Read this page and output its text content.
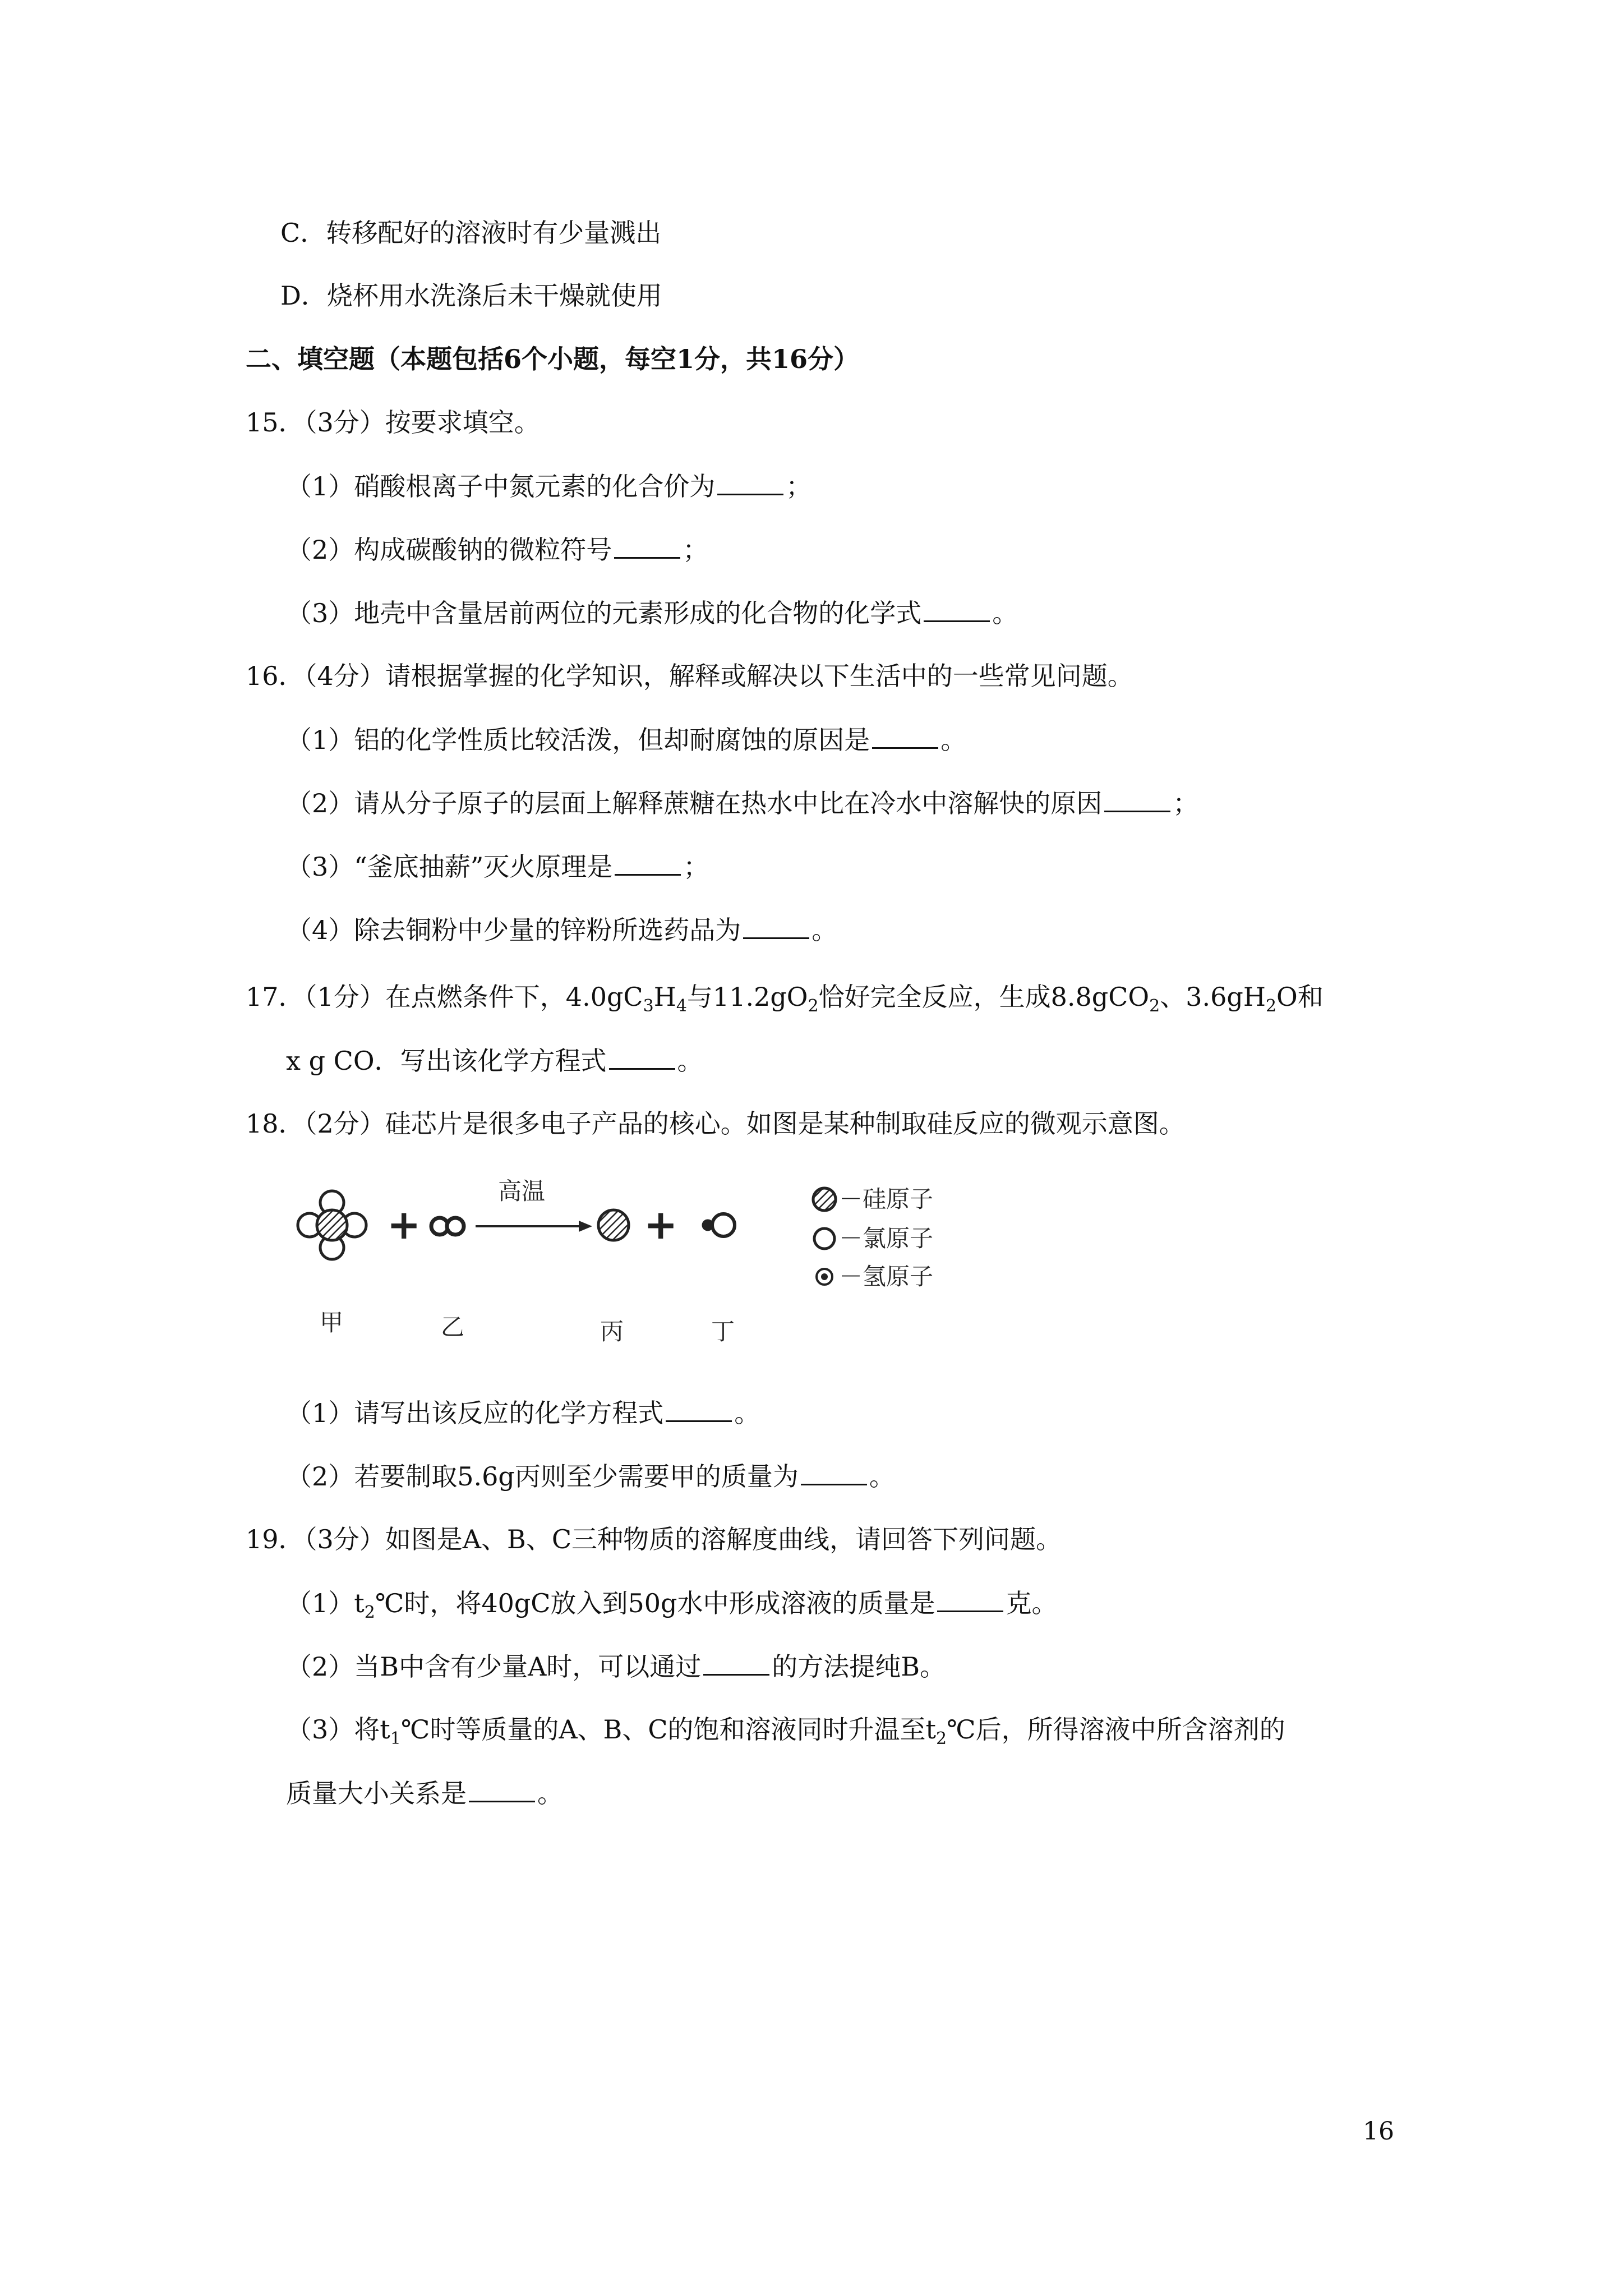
C．转移配好的溶液时有少量溅出
D．烧杯用水洗涤后未干燥就使用
二、填空题（本题包括6个小题，每空1分，共16分）
15．（3分）按要求填空。
（1）硝酸根离子中氮元素的化合价为	；
（2）构成碳酸钠的微粒符号	；
（3）地壳中含量居前两位的元素形成的化合物的化学式	。
16．（4分）请根据掌握的化学知识，解释或解决以下生活中的一些常见问题。
（1）铝的化学性质比较活泼，但却耐腐蚀的原因是	。
（2）请从分子原子的层面上解释蔗糖在热水中比在冷水中溶解快的原因	；
（3）“釜底抽薪”灭火原理是	；
（4）除去铜粉中少量的锌粉所选药品为	。
17．（1分）在点燃条件下，$4.0gC_3H_4$与$11.2gO_2$恰好完全反应，生成8.8gCO$_2$、$3.6gH_2O$和
x g CO．写出该化学方程式	。
18．（2分）硅芯片是很多电子产品的核心。如图是某种制取硅反应的微观示意图。
+
高温
+
甲	乙	丙	丁
－硅原子
－氯原子
－氢原子
（1）请写出该反应的化学方程式	。
（2）若要制取5.6g丙则至少需要甲的质量为	。
19．（3分）如图是A、B、C三种物质的溶解度曲线，请回答下列问题。
$(1)t_2℃$时，将40gC放入到50g水中形成溶液的质量是	克。
（2）当B中含有少量A时，可以通过	的方法提纯B。
（3）将$t_1℃$时等质量的A、B、C的饱和溶液同时升温至$t_2℃$后，所得溶液中所含溶剂的
质量大小关系是	。
16
